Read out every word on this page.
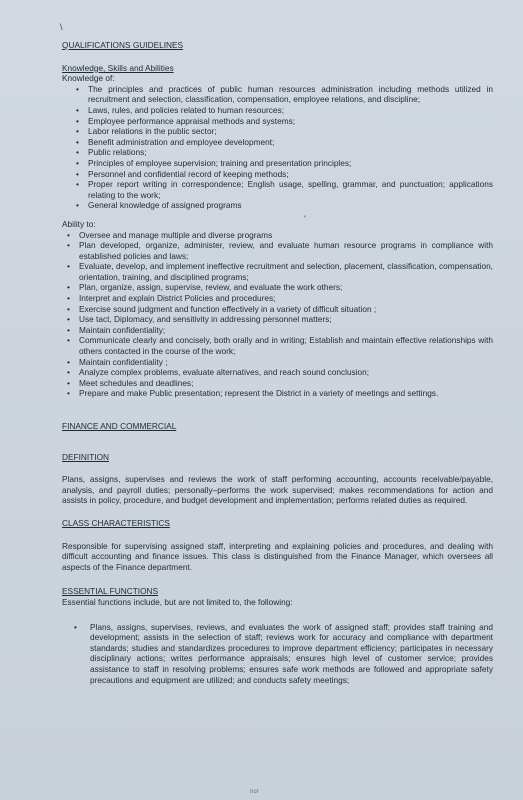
\
'
QUALIFICATIONS GUIDELINES
Knowledge, Skills and Abilities
Knowledge of:
• The principles and practices of public human resources administration including methods utilized in recruitment and selection, classification, compensation, employee relations, and discipline;
• Laws, rules, and policies related to human resources;
• Employee performance appraisal methods and systems;
• Labor relations in the public sector;
• Benefit administration and employee development;
• Public relations;
• Principles of employee supervision; training and presentation principles;
• Personnel and confidential record of keeping methods;
• Proper report writing in correspondence; English usage, spelling, grammar, and punctuation; applications relating to the work;
• General knowledge of assigned programs
Ability to:
• Oversee and manage multiple and diverse programs
• Plan developed, organize, administer, review, and evaluate human resource programs in compliance with established policies and laws;
• Evaluate, develop, and implement ineffective recruitment and selection, placement, classification, compensation, orientation, training, and disciplined programs;
• Plan, organize, assign, supervise, review, and evaluate the work others;
• Interpret and explain District Policies and procedures;
• Exercise sound judgment and function effectively in a variety of difficult situation ;
• Use tact, Diplomacy, and sensitivity in addressing personnel matters;
• Maintain confidentiality;
• Communicate clearly and concisely, both orally and in writing; Establish and maintain effective relationships with others contacted in the course of the work;
• Maintain confidentiality ;
• Analyze complex problems, evaluate alternatives, and reach sound conclusion;
• Meet schedules and deadlines;
• Prepare and make Public presentation; represent the District in a variety of meetings and settings.
FINANCE AND COMMERCIAL
DEFINITION

Plans, assigns, supervises and reviews the work of staff performing accounting, accounts receivable/payable, analysis, and payroll duties; personally–performs the work supervised; makes recommendations for action and assists in policy, procedure, and budget development and implementation; performs related duties as required.

CLASS CHARACTERISTICS

Responsible for supervising assigned staff, interpreting and explaining policies and procedures, and dealing with difficult accounting and finance issues. This class is distinguished from the Finance Manager, which oversees all aspects of the Finance department.

ESSENTIAL FUNCTIONS
Essential functions include, but are not limited to, the following:
• Plans, assigns, supervises, reviews, and evaluates the work of assigned staff; provides staff training and development; assists in the selection of staff; reviews work for accuracy and compliance with department standards; studies and standardizes procedures to improve department efficiency; participates in necessary disciplinary actions; writes performance appraisals; ensures high level of customer service; provides assistance to staff in resolving problems; ensures safe work methods are followed and appropriate safety precautions and equipment are utilized; and conducts safety meetings;
nor
